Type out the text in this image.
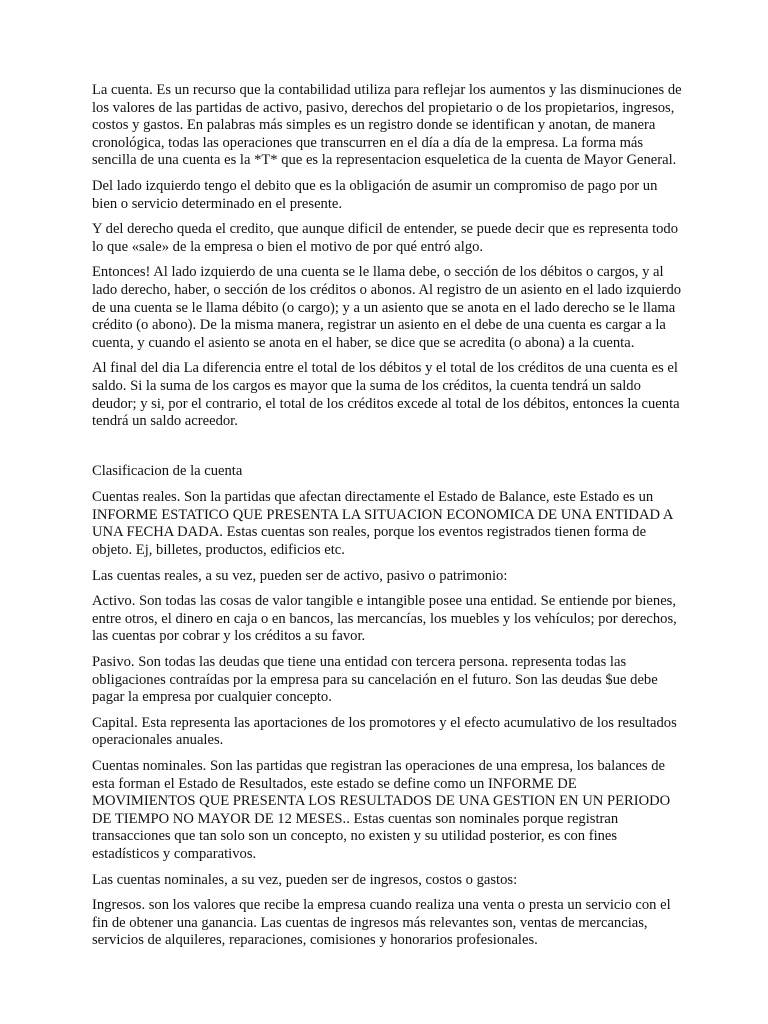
La cuenta. Es un recurso que la contabilidad utiliza para reflejar los aumentos y las disminuciones de los valores de las partidas de activo, pasivo, derechos del propietario o de los propietarios, ingresos, costos y gastos. En palabras más simples es un registro donde se identifican y anotan, de manera cronológica, todas las operaciones que transcurren en el día a día de la empresa. La forma más sencilla de una cuenta es la *T* que es la representacion esqueletica de la cuenta de Mayor General.

Del lado izquierdo tengo el debito que es la obligación de asumir un compromiso de pago por un bien o servicio determinado en el presente.

Y del derecho queda el credito, que aunque dificil de entender, se puede decir que es representa todo lo que «sale» de la empresa o bien el motivo de por qué entró algo.

Entonces! Al lado izquierdo de una cuenta se le llama debe, o sección de los débitos o cargos, y al lado derecho, haber, o sección de los créditos o abonos. Al registro de un asiento en el lado izquierdo de una cuenta se le llama débito (o cargo); y a un asiento que se anota en el lado derecho se le llama crédito (o abono). De la misma manera, registrar un asiento en el debe de una cuenta es cargar a la cuenta, y cuando el asiento se anota en el haber, se dice que se acredita (o abona) a la cuenta.

Al final del dia La diferencia entre el total de los débitos y el total de los créditos de una cuenta es el saldo. Si la suma de los cargos es mayor que la suma de los créditos, la cuenta tendrá un saldo deudor; y si, por el contrario, el total de los créditos excede al total de los débitos, entonces la cuenta tendrá un saldo acreedor.

Clasificacion de la cuenta

Cuentas reales. Son la partidas que afectan directamente el Estado de Balance, este Estado es un INFORME ESTATICO QUE PRESENTA LA SITUACION ECONOMICA DE UNA ENTIDAD A UNA FECHA DADA. Estas cuentas son reales, porque los eventos registrados tienen forma de objeto. Ej, billetes, productos, edificios etc.

Las cuentas reales, a su vez, pueden ser de activo, pasivo o patrimonio:

Activo. Son todas las cosas de valor tangible e intangible posee una entidad. Se entiende por bienes, entre otros, el dinero en caja o en bancos, las mercancías, los muebles y los vehículos; por derechos, las cuentas por cobrar y los créditos a su favor.

Pasivo. Son todas las deudas que tiene una entidad con tercera persona. representa todas las obligaciones contraídas por la empresa para su cancelación en el futuro. Son las deudas $ue debe pagar la empresa por cualquier concepto.

Capital. Esta representa las aportaciones de los promotores y el efecto acumulativo de los resultados operacionales anuales.

Cuentas nominales. Son las partidas que registran las operaciones de una empresa, los balances de esta forman el Estado de Resultados, este estado se define como un INFORME DE MOVIMIENTOS QUE PRESENTA LOS RESULTADOS DE UNA GESTION EN UN PERIODO DE TIEMPO NO MAYOR DE 12 MESES.. Estas cuentas son nominales porque registran transacciones que tan solo son un concepto, no existen y su utilidad posterior, es con fines estadísticos y comparativos.

Las cuentas nominales, a su vez, pueden ser de ingresos, costos o gastos:

Ingresos. son los valores que recibe la empresa cuando realiza una venta o presta un servicio con el fin de obtener una ganancia. Las cuentas de ingresos más relevantes son, ventas de mercancias, servicios de alquileres, reparaciones, comisiones y honorarios profesionales.
